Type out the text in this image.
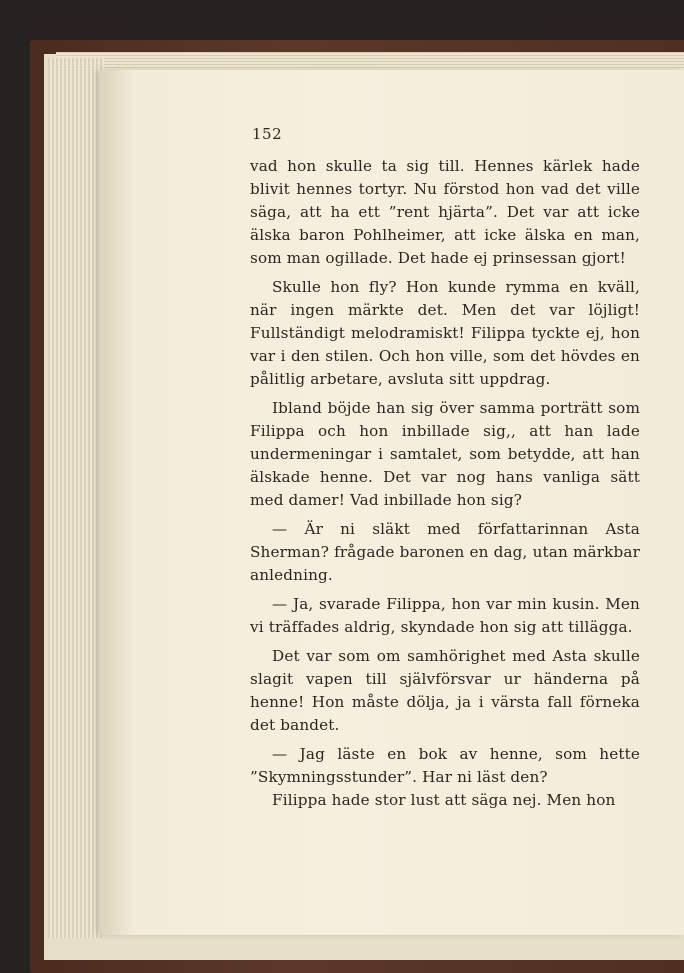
152

vad hon skulle ta sig till. Hennes kärlek hade blivit hennes tortyr. Nu förstod hon vad det ville säga, att ha ett ”rent hjärta”. Det var att icke älska baron Pohlheimer, att icke älska en man, som man ogillade. Det hade ej prinsessan gjort!

Skulle hon fly? Hon kunde rymma en kväll, när ingen märkte det. Men det var löjligt! Fullständigt melodramiskt! Filippa tyckte ej, hon var i den stilen. Och hon ville, som det hövdes en pålitlig arbetare, avsluta sitt uppdrag.

Ibland böjde han sig över samma porträtt som Filippa och hon inbillade sig,, att han lade undermeningar i samtalet, som betydde, att han älskade henne. Det var nog hans vanliga sätt med damer! Vad inbillade hon sig?

— Är ni släkt med författarinnan Asta Sherman? frågade baronen en dag, utan märkbar anledning.

— Ja, svarade Filippa, hon var min kusin. Men vi träffades aldrig, skyndade hon sig att tillägga.

Det var som om samhörighet med Asta skulle slagit vapen till självförsvar ur händerna på henne! Hon måste dölja, ja i värsta fall förneka det bandet.

— Jag läste en bok av henne, som hette ”Skymningsstunder”. Har ni läst den?

Filippa hade stor lust att säga nej. Men hon
